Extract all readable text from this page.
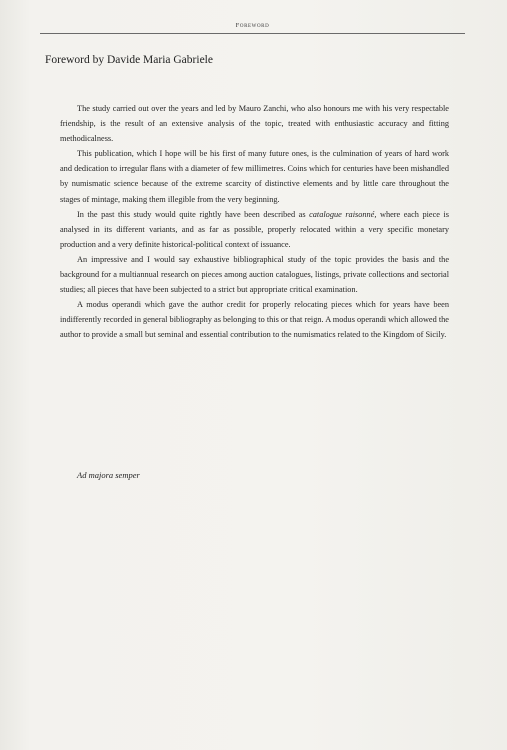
Foreword
Foreword by Davide Maria Gabriele

The study carried out over the years and led by Mauro Zanchi, who also honours me with his very respectable friendship, is the result of an extensive analysis of the topic, treated with enthusiastic accuracy and fitting methodicalness.

This publication, which I hope will be his first of many future ones, is the culmination of years of hard work and dedication to irregular flans with a diameter of few millimetres. Coins which for centuries have been mishandled by numismatic science because of the extreme scarcity of distinctive elements and by little care throughout the stages of mintage, making them illegible from the very beginning.

In the past this study would quite rightly have been described as catalogue raisonné, where each piece is analysed in its different variants, and as far as possible, properly relocated within a very specific monetary production and a very definite historical-political context of issuance.

An impressive and I would say exhaustive bibliographical study of the topic provides the basis and the background for a multiannual research on pieces among auction catalogues, listings, private collections and sectorial studies; all pieces that have been subjected to a strict but appropriate critical examination.

A modus operandi which gave the author credit for properly relocating pieces which for years have been indifferently recorded in general bibliography as belonging to this or that reign. A modus operandi which allowed the author to provide a small but seminal and essential contribution to the numismatics related to the Kingdom of Sicily.

Ad majora semper
